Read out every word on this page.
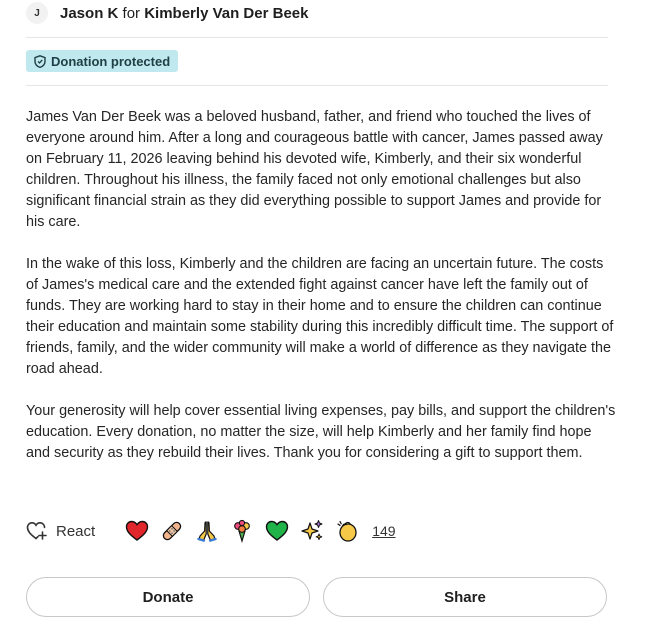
J	Jason K for Kimberly Van Der Beek
Donation protected

James Van Der Beek was a beloved husband, father, and friend who touched the lives of everyone around him. After a long and courageous battle with cancer, James passed away on February 11, 2026 leaving behind his devoted wife, Kimberly, and their six wonderful children. Throughout his illness, the family faced not only emotional challenges but also significant financial strain as they did everything possible to support James and provide for his care.

In the wake of this loss, Kimberly and the children are facing an uncertain future. The costs of James's medical care and the extended fight against cancer have left the family out of funds. They are working hard to stay in their home and to ensure the children can continue their education and maintain some stability during this incredibly difficult time. The support of friends, family, and the wider community will make a world of difference as they navigate the road ahead.

Your generosity will help cover essential living expenses, pay bills, and support the children's education. Every donation, no matter the size, will help Kimberly and her family find hope and security as they rebuild their lives. Thank you for considering a gift to support them.

React	149
Donate	Share
